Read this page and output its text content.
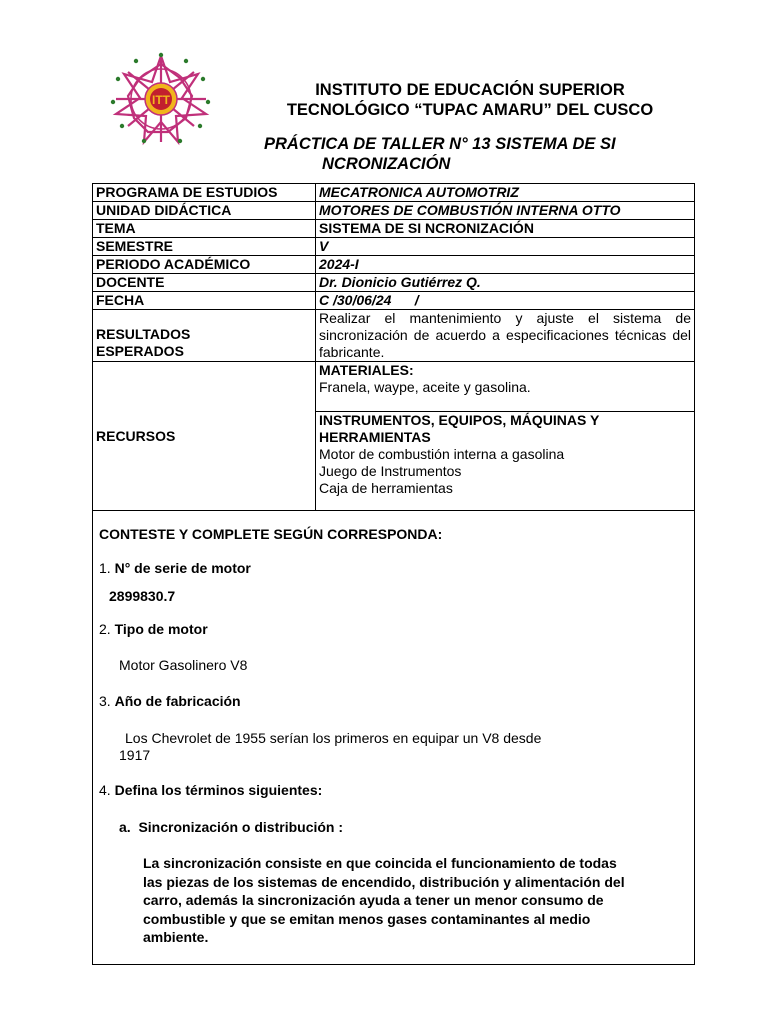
ITT
INSTITUTO DE EDUCACIÓN SUPERIOR
TECNOLÓGICO “TUPAC AMARU” DEL CUSCO
PRÁCTICA DE TALLER N° 13 SISTEMA DE SI
NCRONIZACIÓN
PROGRAMA DE ESTUDIOS	MECATRONICA AUTOMOTRIZ
UNIDAD DIDÁCTICA	MOTORES DE COMBUSTIÓN INTERNA OTTO
TEMA	SISTEMA DE SI NCRONIZACIÓN
SEMESTRE	V
PERIODO ACADÉMICO	2024-I
DOCENTE	Dr. Dionicio Gutiérrez Q.
FECHA	C /30/06/24      /

RESULTADOS
ESPERADOS	Realizar el mantenimiento y ajuste el sistema de sincronización de acuerdo a especificaciones técnicas del fabricante.
RECURSOS	MATERIALES:
Franela, waype, aceite y gasolina.

	INSTRUMENTOS, EQUIPOS, MÁQUINAS Y HERRAMIENTAS
Motor de combustión interna a gasolina
Juego de Instrumentos
Caja de herramientas
CONTESTE Y COMPLETE SEGÚN CORRESPONDA:
1. N° de serie de motor
2899830.7
2. Tipo de motor
Motor Gasolinero V8
3. Año de fabricación
Los Chevrolet de 1955 serían los primeros en equipar un V8 desde
1917
4. Defina los términos siguientes:
a.  Sincronización o distribución :
La sincronización consiste en que coincida el funcionamiento de todas
las piezas de los sistemas de encendido, distribución y alimentación del
carro, además la sincronización ayuda a tener un menor consumo de
combustible y que se emitan menos gases contaminantes al medio
ambiente.
